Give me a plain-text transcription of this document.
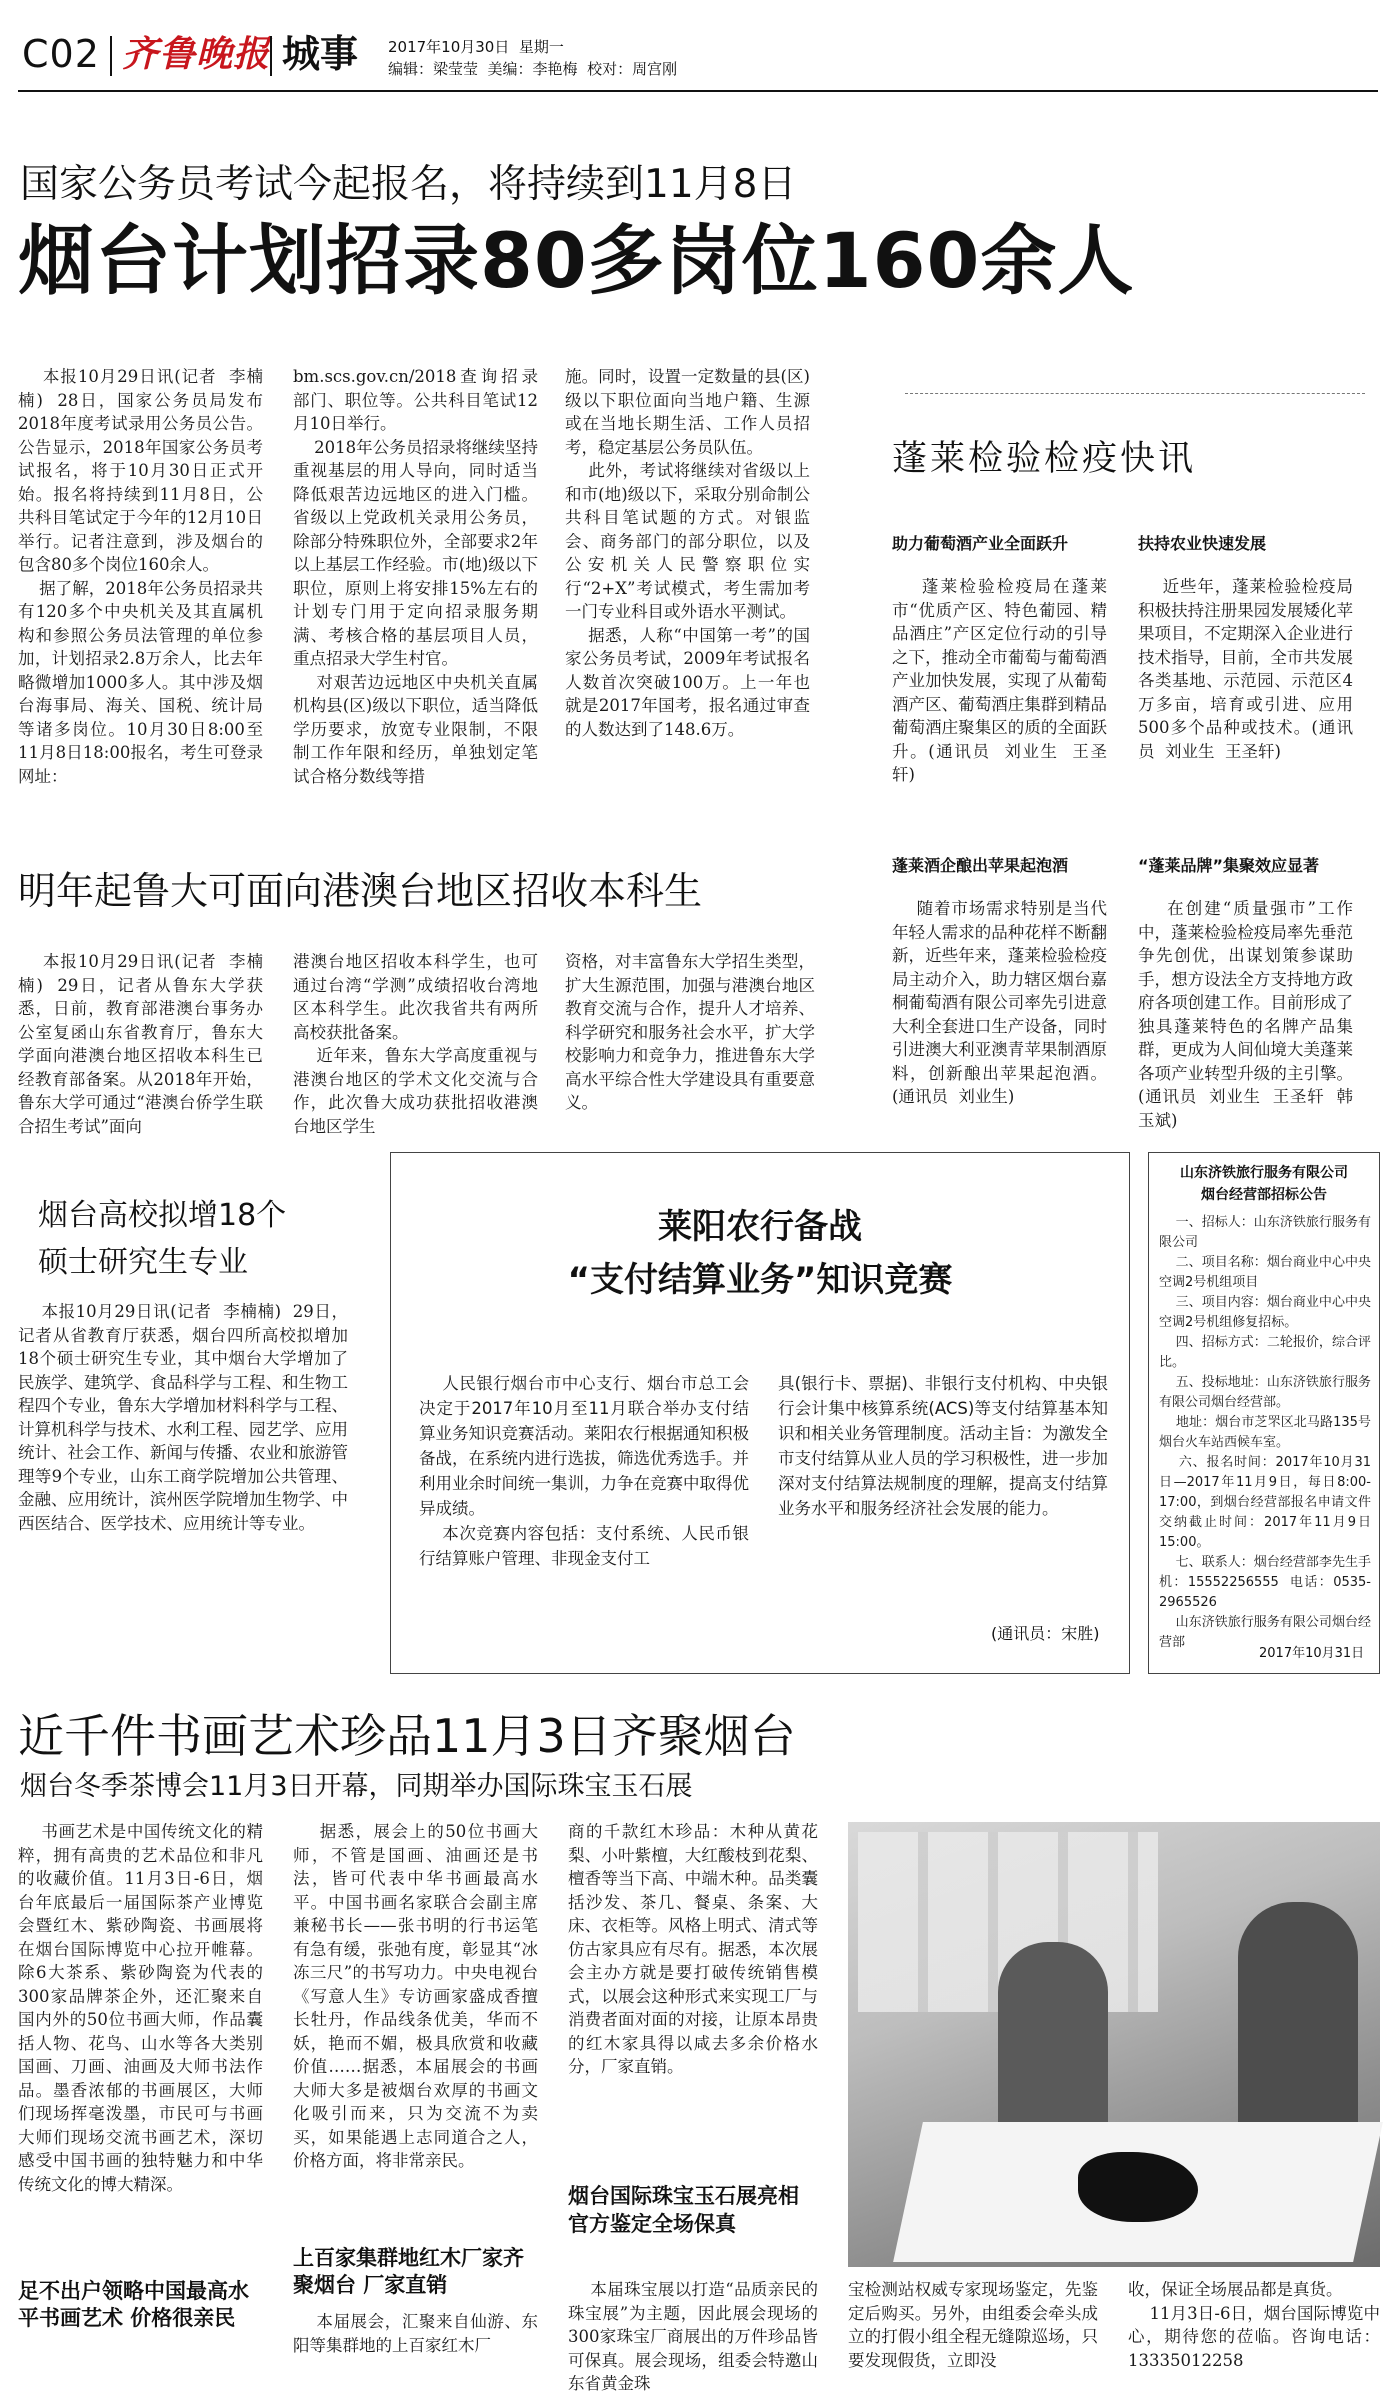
C02 齐鲁晚报 城事 2017年10月30日  星期一
编辑：梁莹莹  美编：李艳梅  校对：周宫刚
国家公务员考试今起报名，将持续到11月8日
烟台计划招录80多岗位160余人
本报10月29日讯(记者  李楠楠)  28日，国家公务员局发布2018年度考试录用公务员公告。公告显示，2018年国家公务员考试报名，将于10月30日正式开始。报名将持续到11月8日，公共科目笔试定于今年的12月10日举行。记者注意到，涉及烟台的包含80多个岗位160余人。
据了解，2018年公务员招录共有120多个中央机关及其直属机构和参照公务员法管理的单位参加，计划招录2.8万余人，比去年略微增加1000多人。其中涉及烟台海事局、海关、国税、统计局等诸多岗位。10月30日8:00至11月8日18:00报名，考生可登录网址：
bm.scs.gov.cn/2018查询招录部门、职位等。公共科目笔试12月10日举行。
2018年公务员招录将继续坚持重视基层的用人导向，同时适当降低艰苦边远地区的进入门槛。省级以上党政机关录用公务员，除部分特殊职位外，全部要求2年以上基层工作经验。市(地)级以下职位，原则上将安排15%左右的计划专门用于定向招录服务期满、考核合格的基层项目人员，重点招录大学生村官。
对艰苦边远地区中央机关直属机构县(区)级以下职位，适当降低学历要求，放宽专业限制，不限制工作年限和经历，单独划定笔试合格分数线等措
施。同时，设置一定数量的县(区)级以下职位面向当地户籍、生源或在当地长期生活、工作人员招考，稳定基层公务员队伍。
此外，考试将继续对省级以上和市(地)级以下，采取分别命制公共科目笔试题的方式。对银监会、商务部门的部分职位，以及公安机关人民警察职位实行“2+X”考试模式，考生需加考一门专业科目或外语水平测试。
据悉，人称“中国第一考”的国家公务员考试，2009年考试报名人数首次突破100万。上一年也就是2017年国考，报名通过审查的人数达到了148.6万。
蓬莱检验检疫快讯
助力葡萄酒产业全面跃升
蓬莱检验检疫局在蓬莱市“优质产区、特色葡园、精品酒庄”产区定位行动的引导之下，推动全市葡萄与葡萄酒产业加快发展，实现了从葡萄酒产区、葡萄酒庄集群到精品葡萄酒庄聚集区的质的全面跃升。(通讯员  刘业生  王圣轩)
扶持农业快速发展
近些年，蓬莱检验检疫局积极扶持注册果园发展矮化苹果项目，不定期深入企业进行技术指导，目前，全市共发展各类基地、示范园、示范区4万多亩，培育或引进、应用500多个品种或技术。(通讯员  刘业生  王圣轩)
蓬莱酒企酿出苹果起泡酒
随着市场需求特别是当代年轻人需求的品种花样不断翻新，近些年来，蓬莱检验检疫局主动介入，助力辖区烟台嘉桐葡萄酒有限公司率先引进意大利全套进口生产设备，同时引进澳大利亚澳青苹果制酒原料，创新酿出苹果起泡酒。(通讯员  刘业生)
“蓬莱品牌”集聚效应显著
在创建“质量强市”工作中，蓬莱检验检疫局率先垂范争先创优，出谋划策参谋助手，想方设法全方支持地方政府各项创建工作。目前形成了独具蓬莱特色的名牌产品集群，更成为人间仙境大美蓬莱各项产业转型升级的主引擎。(通讯员  刘业生  王圣轩  韩玉斌)
明年起鲁大可面向港澳台地区招收本科生
本报10月29日讯(记者  李楠楠)  29日，记者从鲁东大学获悉，日前，教育部港澳台事务办公室复函山东省教育厅，鲁东大学面向港澳台地区招收本科生已经教育部备案。从2018年开始，鲁东大学可通过“港澳台侨学生联合招生考试”面向
港澳台地区招收本科学生，也可通过台湾“学测”成绩招收台湾地区本科学生。此次我省共有两所高校获批备案。
近年来，鲁东大学高度重视与港澳台地区的学术文化交流与合作，此次鲁大成功获批招收港澳台地区学生
资格，对丰富鲁东大学招生类型，扩大生源范围，加强与港澳台地区教育交流与合作，提升人才培养、科学研究和服务社会水平，扩大学校影响力和竞争力，推进鲁东大学高水平综合性大学建设具有重要意义。
烟台高校拟增18个
硕士研究生专业
本报10月29日讯(记者  李楠楠)  29日，记者从省教育厅获悉，烟台四所高校拟增加18个硕士研究生专业，其中烟台大学增加了民族学、建筑学、食品科学与工程、和生物工程四个专业，鲁东大学增加材料科学与工程、计算机科学与技术、水利工程、园艺学、应用统计、社会工作、新闻与传播、农业和旅游管理等9个专业，山东工商学院增加公共管理、金融、应用统计，滨州医学院增加生物学、中西医结合、医学技术、应用统计等专业。
莱阳农行备战
“支付结算业务”知识竞赛
人民银行烟台市中心支行、烟台市总工会决定于2017年10月至11月联合举办支付结算业务知识竞赛活动。莱阳农行根据通知积极备战，在系统内进行选拔，筛选优秀选手。并利用业余时间统一集训，力争在竞赛中取得优异成绩。
本次竞赛内容包括：支付系统、人民币银行结算账户管理、非现金支付工
具(银行卡、票据)、非银行支付机构、中央银行会计集中核算系统(ACS)等支付结算基本知识和相关业务管理制度。活动主旨：为激发全市支付结算从业人员的学习积极性，进一步加深对支付结算法规制度的理解，提高支付结算业务水平和服务经济社会发展的能力。
(通讯员：宋胜)
山东济铁旅行服务有限公司
烟台经营部招标公告
一、招标人：山东济铁旅行服务有限公司
二、项目名称：烟台商业中心中央空调2号机组项目
三、项目内容：烟台商业中心中央空调2号机组修复招标。
四、招标方式：二轮报价，综合评比。
五、投标地址：山东济铁旅行服务有限公司烟台经营部。
地址：烟台市芝罘区北马路135号烟台火车站西候车室。
六、报名时间：2017年10月31日—2017年11月9日，每日8:00-17:00，到烟台经营部报名申请文件交纳截止时间：2017年11月9日15:00。
七、联系人：烟台经营部李先生手机：15552256555  电话：0535-2965526
山东济铁旅行服务有限公司烟台经营部
2017年10月31日
近千件书画艺术珍品11月3日齐聚烟台
烟台冬季茶博会11月3日开幕，同期举办国际珠宝玉石展
书画艺术是中国传统文化的精粹，拥有高贵的艺术品位和非凡的收藏价值。11月3日-6日，烟台年底最后一届国际茶产业博览会暨红木、紫砂陶瓷、书画展将在烟台国际博览中心拉开帷幕。除6大茶系、紫砂陶瓷为代表的300家品牌茶企外，还汇聚来自国内外的50位书画大师，作品囊括人物、花鸟、山水等各大类别国画、刀画、油画及大师书法作品。墨香浓郁的书画展区，大师们现场挥毫泼墨，市民可与书画大师们现场交流书画艺术，深切感受中国书画的独特魅力和中华传统文化的博大精深。
足不出户领略中国最高水平书画艺术 价格很亲民
据悉，展会上的50位书画大师，不管是国画、油画还是书法，皆可代表中华书画最高水平。中国书画名家联合会副主席兼秘书长——张书明的行书运笔有急有缓，张弛有度，彰显其“冰冻三尺”的书写功力。中央电视台《写意人生》专访画家盛成香擅长牡丹，作品线条优美，华而不妖，艳而不媚，极具欣赏和收藏价值……据悉，本届展会的书画大师大多是被烟台欢厚的书画文化吸引而来，只为交流不为卖买，如果能遇上志同道合之人，价格方面，将非常亲民。
上百家集群地红木厂家齐聚烟台 厂家直销
本届展会，汇聚来自仙游、东阳等集群地的上百家红木厂
商的千款红木珍品：木种从黄花梨、小叶紫檀，大红酸枝到花梨、檀香等当下高、中端木种。品类囊括沙发、茶几、餐桌、条案、大床、衣柜等。风格上明式、清式等仿古家具应有尽有。据悉，本次展会主办方就是要打破传统销售模式，以展会这种形式来实现工厂与消费者面对面的对接，让原本昂贵的红木家具得以咸去多余价格水分，厂家直销。
烟台国际珠宝玉石展亮相 官方鉴定全场保真
本届珠宝展以打造“品质亲民的珠宝展”为主题，因此展会现场的300家珠宝厂商展出的万件珍品皆可保真。展会现场，组委会特邀山东省黄金珠
宝检测站权威专家现场鉴定，先鉴定后购买。另外，由组委会牵头成立的打假小组全程无缝隙巡场，只要发现假货，立即没
收，保证全场展品都是真货。
11月3日-6日，烟台国际博览中心，期待您的莅临。咨询电话：13335012258
